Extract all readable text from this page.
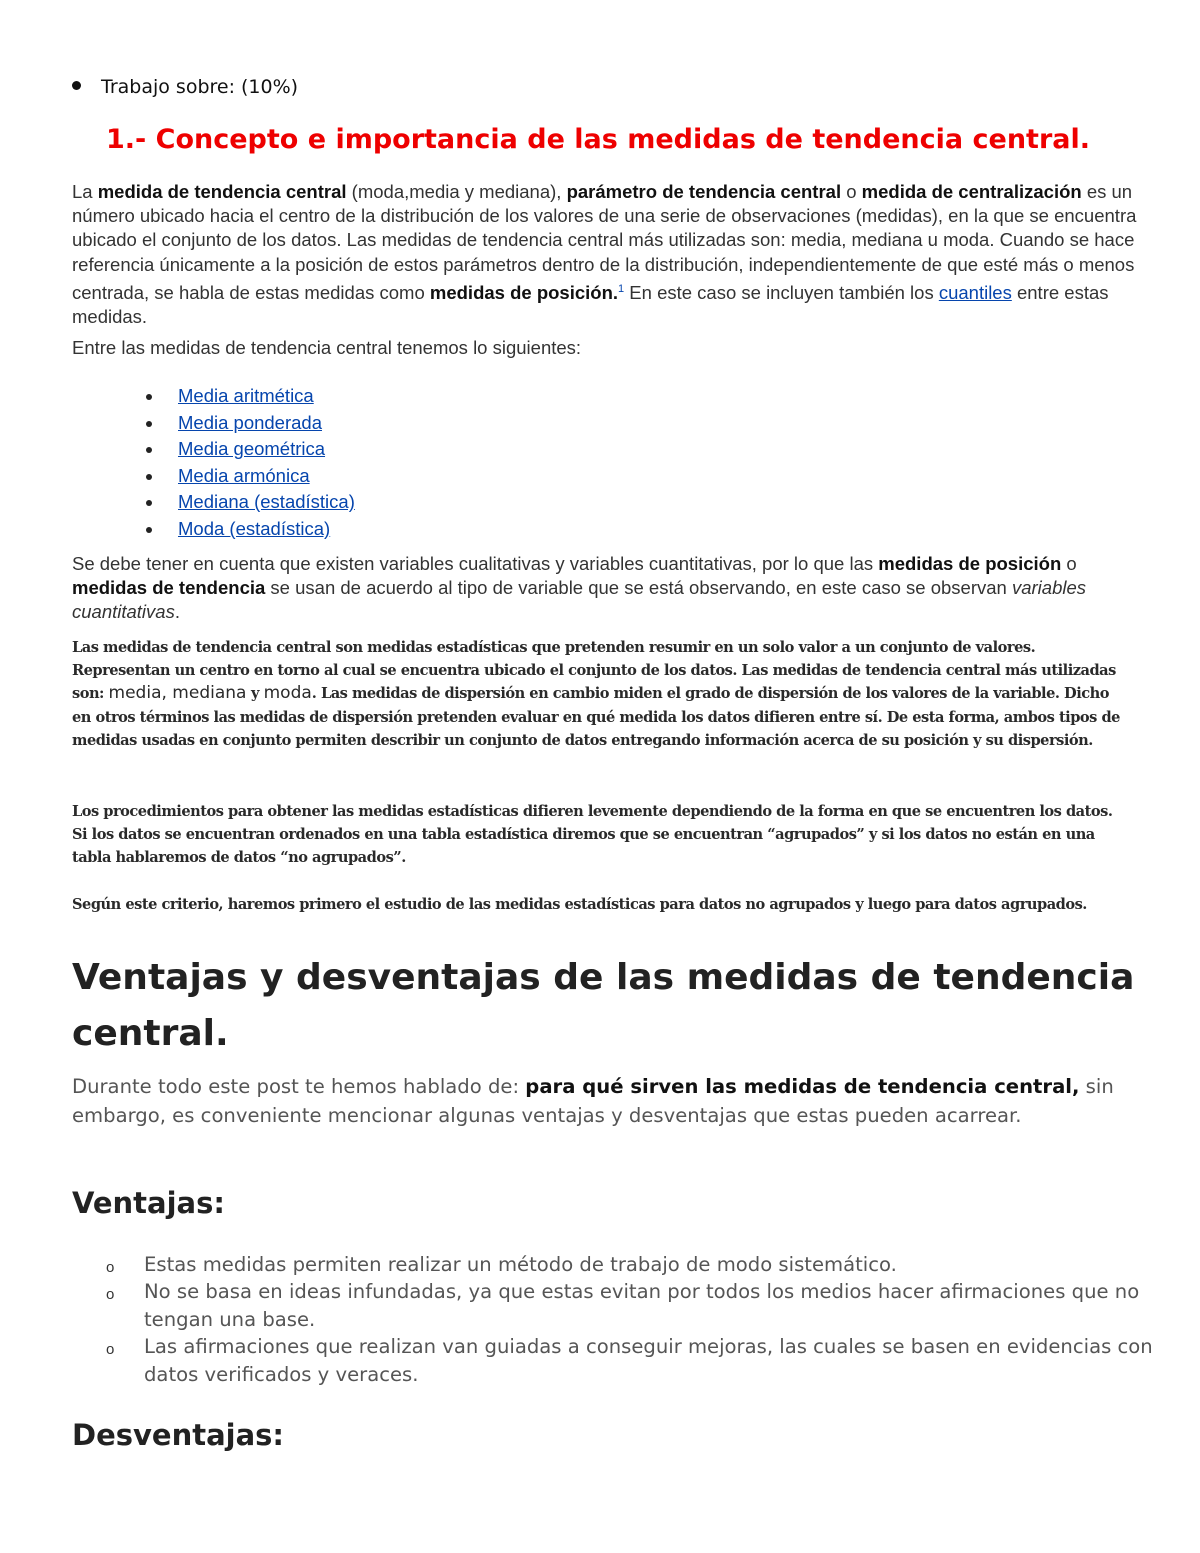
Trabajo sobre: (10%)
1.- Concepto e importancia de las medidas de tendencia central.
La medida de tendencia central (moda,media y mediana), parámetro de tendencia central o medida de centralización es un número ubicado hacia el centro de la distribución de los valores de una serie de observaciones (medidas), en la que se encuentra ubicado el conjunto de los datos. Las medidas de tendencia central más utilizadas son: media, mediana u moda. Cuando se hace referencia únicamente a la posición de estos parámetros dentro de la distribución, independientemente de que esté más o menos centrada, se habla de estas medidas como medidas de posición.$^1$ En este caso se incluyen también los cuantiles entre estas medidas.
Entre las medidas de tendencia central tenemos lo siguientes:
Media aritmética
Media ponderada
Media geométrica
Media armónica
Mediana (estadística)
Moda (estadística)
Se debe tener en cuenta que existen variables cualitativas y variables cuantitativas, por lo que las medidas de posición o medidas de tendencia se usan de acuerdo al tipo de variable que se está observando, en este caso se observan variables cuantitativas.
Las medidas de tendencia central son medidas estadísticas que pretenden resumir en un solo valor a un conjunto de valores. Representan un centro en torno al cual se encuentra ubicado el conjunto de los datos. Las medidas de tendencia central más utilizadas son: media, mediana y moda. Las medidas de dispersión en cambio miden el grado de dispersión de los valores de la variable. Dicho en otros términos las medidas de dispersión pretenden evaluar en qué medida los datos difieren entre sí. De esta forma, ambos tipos de medidas usadas en conjunto permiten describir un conjunto de datos entregando información acerca de su posición y su dispersión.
Los procedimientos para obtener las medidas estadísticas difieren levemente dependiendo de la forma en que se encuentren los datos. Si los datos se encuentran ordenados en una tabla estadística diremos que se encuentran “agrupados” y si los datos no están en una tabla hablaremos de datos “no agrupados”.
Según este criterio, haremos primero el estudio de las medidas estadísticas para datos no agrupados y luego para datos agrupados.
Ventajas y desventajas de las medidas de tendencia central.
Durante todo este post te hemos hablado de: para qué sirven las medidas de tendencia central, sin embargo, es conveniente mencionar algunas ventajas y desventajas que estas pueden acarrear.
Ventajas:
o Estas medidas permiten realizar un método de trabajo de modo sistemático.
o No se basa en ideas infundadas, ya que estas evitan por todos los medios hacer afirmaciones que no tengan una base.
o Las afirmaciones que realizan van guiadas a conseguir mejoras, las cuales se basen en evidencias con datos verificados y veraces.
Desventajas:
